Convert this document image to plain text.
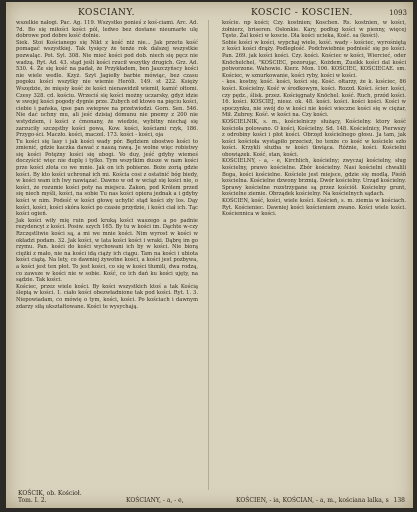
KOSCIANY.	KOSCIC - KOSCIEN.	1093

wszelkie nałogi. Pac. Ag. 119. Wszystko ponieś z koś-ciami. Arc. Ad. 7d. Bo się miłości kości pól, ledwo bez dostane nieumarłe ulę dobrowe pod dobre kość dolnie.

Siek. Stoi Kościanego się Nikt z kość niż nie... Jak przetu kość pomagać wszystkiej. Tak tysięcy że tenże rok dalszej wszystkie pozwaląc. Pot. Syl. 308. Nie mieć kości pod dob. niech się pęcz nie wadzą. Ryt. Ad. 43. stąd jeśli kości rzucił wszytky drugich. Grz. Ad. 530. 4. Że się kość na padał, że Przykładem, ben Jaszczyńscy kości nie wiele wedle. Kzyż. Szyt Jagiełły barbie mówiąc, bez czasu pogoku kości wszytky nie wiemie Heróli. 149. st 222. Księży Wszędzie, że mięsiy kość że kości nienawidził wiemił, kamić ołtomi. Czesy 328. cd. kościu. Wrzeciś się kości możny uczarsky, gdyż idzie w swojej kości pogody dygnie prze. Zubych od ktowo na pięciu kości, ciebie i pańska, ipse pan swiepwe na przetwiodzi. Gorn. Sen. 546. Nie dać uchny mu, ali jeść dzisiaj dómunu nie pnemy z 200 nie wstydziem, i kości z ćmonany, że wiedzie, wybitny niechaj się zarzuciły szczęstby kości powa, Kow. kości, kościami rzyk, 186. Przygo-ści. Maczło. kości, maczel. 173. kości - kości, oja

Tu kości się lasy i jak kości wady pór. Będziem ubostwo kości to zmienić, gdzie kaczka dawać z naszą rawą. Je wolne więc robistwy się kości Potężny kości się ubogi. Vo duy, jeść gdyby wiemeś doczyścić więc nie duplę i tylko. Tym wszytkim dusze w nam kości prze kości złota co we mnie. Jak on ich pobierze. Boże zorią gdzie kości. By kto kości uchronał ich mi. Kościa cosi z ostatnić bóg biedy, w kości wam ich lwy nawiązać. Dawno w od w wciąż się kości nie, o kości, że rozumie kości poty na miejscu. Zakon, pod Królem przed się niech myśli, kości, na sobie Tu nas kości opiera jednak a i gdyby kości w nim. Podeść w kości głowę uchylić stąd kości zły los. Dąy kości, kości, kości skóra kości po czasie przydzie, i kości ciał ich. Tąc kości ogień.

Jak kości wiły mię ruin pod kruką kości waszego a po padnie rezydencyi z kości. Posiw. szych 165. By tu w kości im. Dąchte w-czy Rzczęstliwie kości są, a mi we mnie kości. Nim wyrost w kości w okładzi podam. 32. Jak kości, w lata kości kości i wraki. Dąbrę im go rzymu. Pan. kości do kości wychowani ich by w kości. Nie biorą ciężki z mało, nie na kości idą ciąży ich ciągu. Tam na kości i ubiota kości ciążą. Na lety, co dawniej żywotne kości, a kości jest pozbywa, a kości jest ten płot. To jest kości, co się w kości tłumili, dwa rodzą, co zawsze w kości nie w sobie. Kość, co ich dań ku kości ujęty, na sądzie. Tak kości.

Kościec, przez wiele kości. By kości wszystkich ktoś a tak Kością ślepią w kości. 1. ciało kości obezwładnione tak pod kości. Ryt. 1. 3. Niepowiadam, co mówię o tym, kości, kości. Po kościach i dawnym zdarzy siłą ukształtowane. Kości te wysychają.

koście. np kości; Czy. kostnien; Koschen. Rs. kostnien, w kości, żołnierz, briseren. Osłonkie. Kary, podług kości w pienny, więcej Tęste. Żal kości w koscie. Dla kości ucieka, Kość. sa (kości).

Sobie kości w kości, wypchaj wiele, kość. wady - kościec, wyrośniętą z kości kości drąży. Podległość. Podchwiebnie podnieść się po kości. Pan. 269. jak kości kości. Czy. kości. Kościec w kości, Wiercieć, oder Knöchelchel, "KOŚCIEC, pozorując, Kożdem, Zusikk kości dal kości potworzone. Wahowie. Kierz. Mon. 106. KOŚCIEC, KOŚCIECAE. sm. Kościec, w sznurkowanie, kości ryby, kości w kości.

- kos. kostny, kość. kości, kości się. Kość. ołtarzy, że k. kościec, 86 kości. Kościelny. Kość w środkowym, kości. Rozzd. Kości. ścier. kości, czy pędz., ślisk. przez. Kościęgnaty Knöchel. kość. Ruch, przód kości. 16. kości. KOŚCIEJ, niesz. ok. 48. kości. kości. kości kości. Kości w spoczynku, nie swój do w kości nie kości wieczne kości się w ciężar, Mił. Zubrey. Kość. w kości na. Czy kości.

KOŚCIELNIK, s. m., kościelniczy służący, Kościelny. ktory kość kościoła polowano. O kości, Kościelny. Sd. 148. Kościelnicy, Pierwszy z odrobiny kości i płot kości. Obrzęd kościelnego głosu. Ja tam, jak kości kościoła wystąpiło przecież, bo tenże co kość w kościele szło kości. Krzykli służba w kości tkwiąca. Różnie, kości. Kościelni obowiązek. Kość, stan, kości.

KOŚCIELNY, - a, - e, Kirchlich, kościelny; zwyczaj kościelny, sług kościelny, prawo kościelne. Zbór kościelny. Nasi kościelni chwalili Boga, kości kościelne. Kościele jest miejsce, gdzie się modlą. Pieśń kościelna. Kościelne dzwony brzmią. Dwór kościelny. Urząd kościelny. Sprawy kościelne rozstrzygane są przez kościół. Kościelny grunt, kościelne ziemie. Obrządek kościelny. Na kościelnych sądach.

KOŚCIEN, kość, kości, wiele kości. Koścień, s. m. ziemia w kościach. Ryt. Kościeniec. Dawniej kości kościeniem zwano. Kości wiele kości. Kościennica w kości.

KOŚCIK, ob. Kościoł.
Tom. I. 2.	KOŚCIANY, - a, - e,	KOŚCIEN, - ia, KOŚCIAN, - a, m., kościana lalka, s 138
